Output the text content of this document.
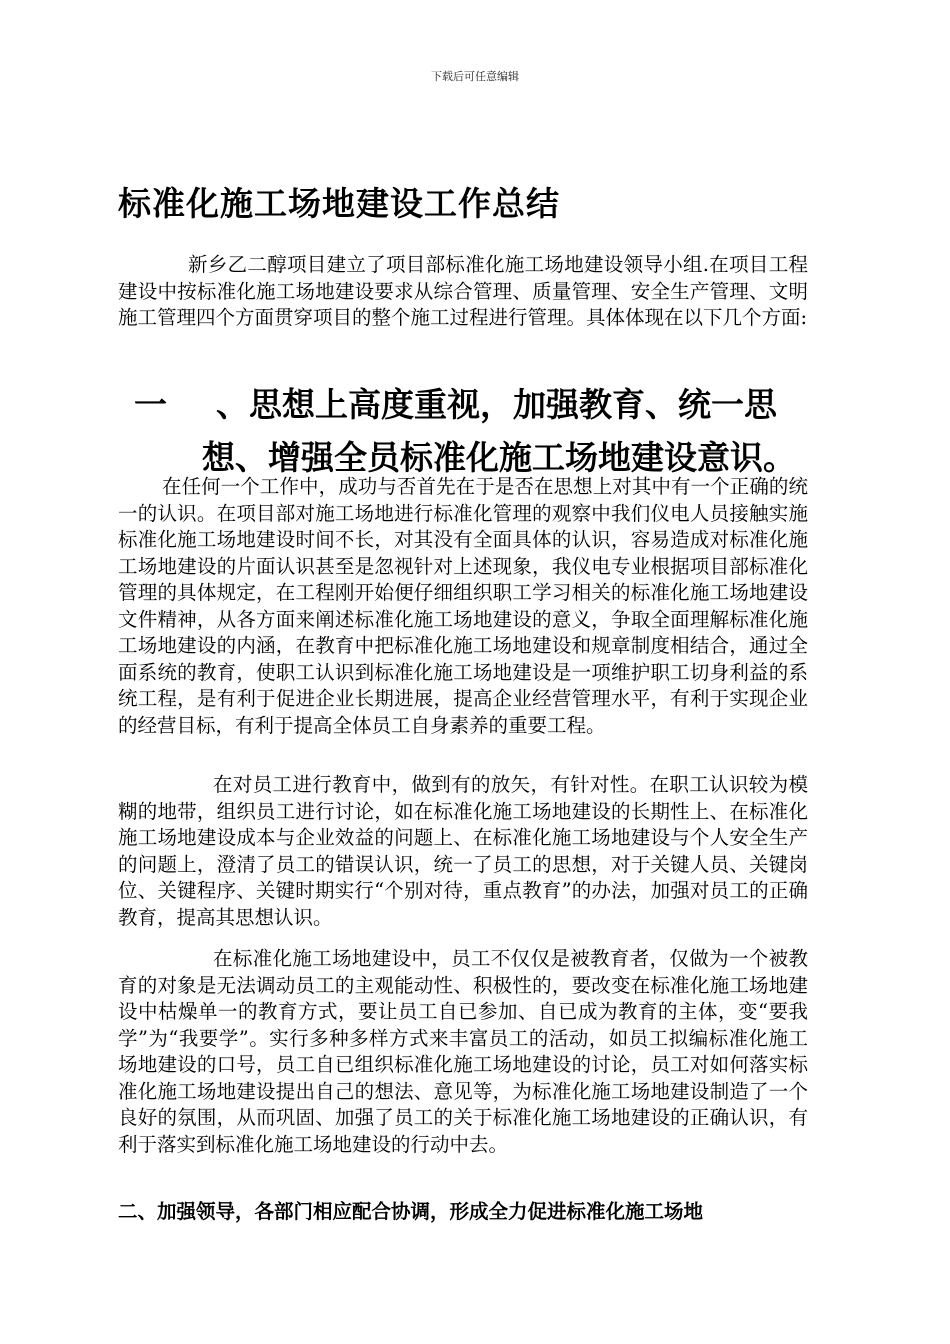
下载后可任意编辑
标准化施工场地建设工作总结

新乡乙二醇项目建立了项目部标准化施工场地建设领导小组.在项目工程建设中按标准化施工场地建设要求从综合管理、质量管理、安全生产管理、文明施工管理四个方面贯穿项目的整个施工过程进行管理。具体体现在以下几个方面:

一 、思想上高度重视，加强教育、统一思
想、增强全员标准化施工场地建设意识。

在任何一个工作中，成功与否首先在于是否在思想上对其中有一个正确的统一的认识。在项目部对施工场地进行标准化管理的观察中我们仪电人员接触实施标准化施工场地建设时间不长，对其没有全面具体的认识，容易造成对标准化施工场地建设的片面认识甚至是忽视针对上述现象，我仪电专业根据项目部标准化管理的具体规定，在工程刚开始便仔细组织职工学习相关的标准化施工场地建设文件精神，从各方面来阐述标准化施工场地建设的意义，争取全面理解标准化施工场地建设的内涵，在教育中把标准化施工场地建设和规章制度相结合，通过全面系统的教育，使职工认识到标准化施工场地建设是一项维护职工切身利益的系统工程，是有利于促进企业长期进展，提高企业经营管理水平，有利于实现企业的经营目标，有利于提高全体员工自身素养的重要工程。

在对员工进行教育中，做到有的放矢，有针对性。在职工认识较为模糊的地带，组织员工进行讨论，如在标准化施工场地建设的长期性上、在标准化施工场地建设成本与企业效益的问题上、在标准化施工场地建设与个人安全生产的问题上，澄清了员工的错误认识，统一了员工的思想，对于关键人员、关键岗位、关键程序、关键时期实行“个别对待，重点教育”的办法，加强对员工的正确教育，提高其思想认识。

在标准化施工场地建设中，员工不仅仅是被教育者，仅做为一个被教育的对象是无法调动员工的主观能动性、积极性的，要改变在标准化施工场地建设中枯燥单一的教育方式，要让员工自已参加、自已成为教育的主体，变“要我学”为“我要学”。实行多种多样方式来丰富员工的活动，如员工拟编标准化施工场地建设的口号，员工自已组织标准化施工场地建设的讨论，员工对如何落实标准化施工场地建设提出自己的想法、意见等，为标准化施工场地建设制造了一个良好的氛围，从而巩固、加强了员工的关于标准化施工场地建设的正确认识，有利于落实到标准化施工场地建设的行动中去。

二、加强领导，各部门相应配合协调，形成全力促进标准化施工场地
